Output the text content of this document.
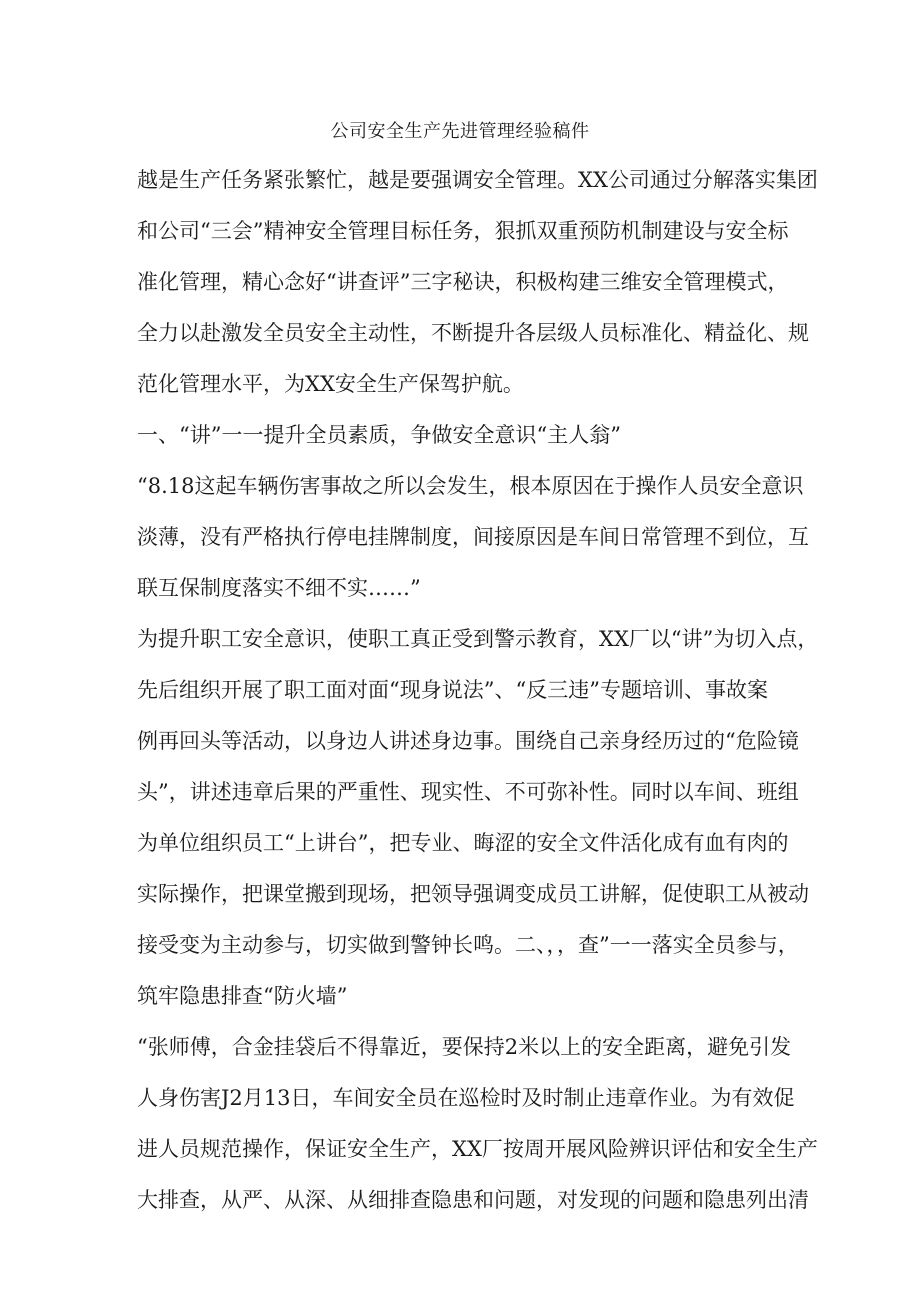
公司安全生产先进管理经验稿件
越是生产任务紧张繁忙，越是要强调安全管理。XX公司通过分解落实集团
和公司“三会”精神安全管理目标任务，狠抓双重预防机制建设与安全标
准化管理，精心念好“讲查评”三字秘诀，积极构建三维安全管理模式，
全力以赴激发全员安全主动性，不断提升各层级人员标准化、精益化、规
范化管理水平，为XX安全生产保驾护航。
一、“讲”一一提升全员素质，争做安全意识“主人翁”
“8.18这起车辆伤害事故之所以会发生，根本原因在于操作人员安全意识
淡薄，没有严格执行停电挂牌制度，间接原因是车间日常管理不到位，互
联互保制度落实不细不实……”
为提升职工安全意识，使职工真正受到警示教育，XX厂以“讲”为切入点，
先后组织开展了职工面对面“现身说法”、“反三违”专题培训、事故案
例再回头等活动，以身边人讲述身边事。围绕自己亲身经历过的“危险镜
头”，讲述违章后果的严重性、现实性、不可弥补性。同时以车间、班组
为单位组织员工“上讲台”，把专业、晦涩的安全文件活化成有血有肉的
实际操作，把课堂搬到现场，把领导强调变成员工讲解，促使职工从被动
接受变为主动参与，切实做到警钟长鸣。二、，，查”一一落实全员参与，
筑牢隐患排查“防火墙”
“张师傅，合金挂袋后不得靠近，要保持2米以上的安全距离，避免引发
人身伤害J2月13日，车间安全员在巡检时及时制止违章作业。为有效促
进人员规范操作，保证安全生产，XX厂按周开展风险辨识评估和安全生产
大排查，从严、从深、从细排查隐患和问题，对发现的问题和隐患列出清
